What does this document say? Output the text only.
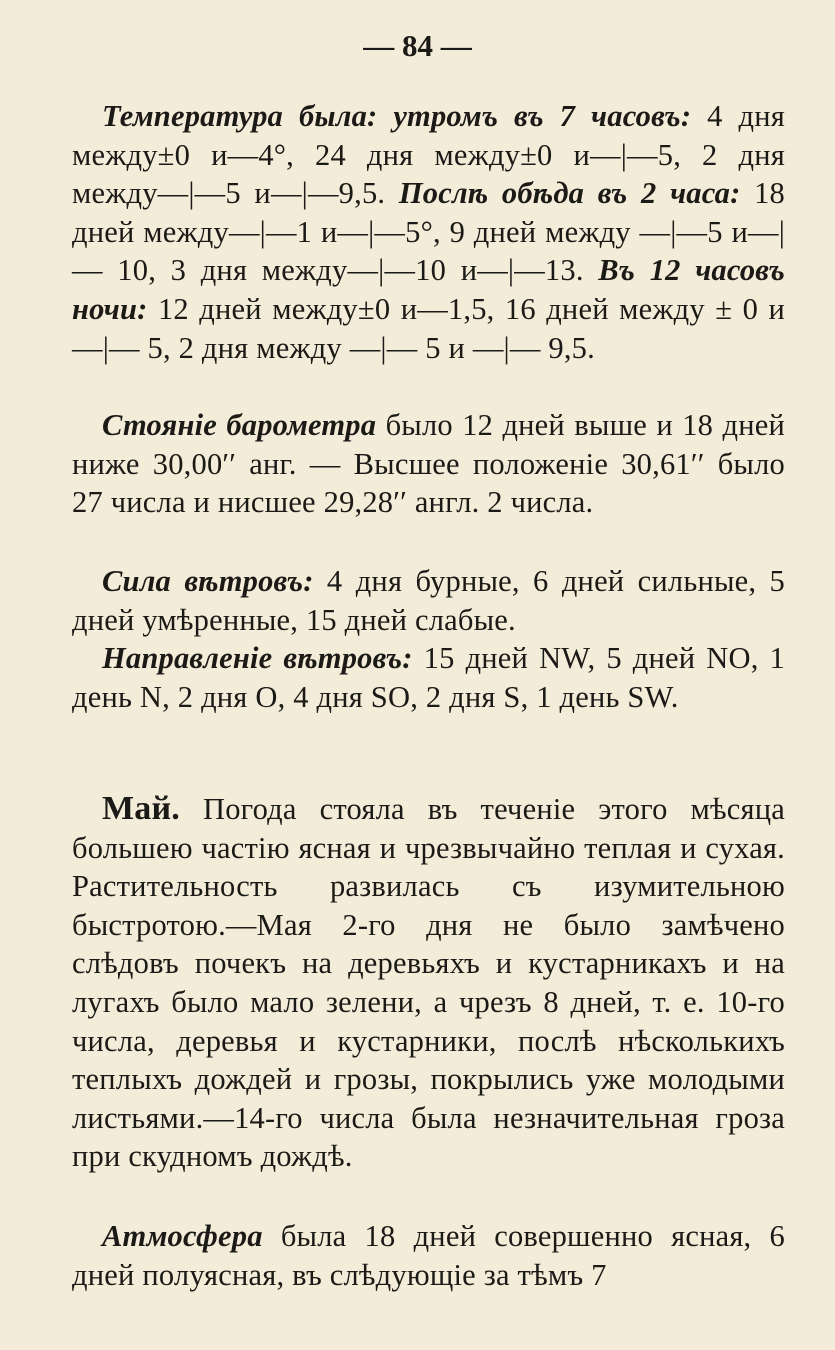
— 84 —

Температура была: утромъ въ 7 часовъ: 4 дня между±0 и—4°, 24 дня между±0 и—|—5, 2 дня между—|—5 и—|—9,5. Послѣ обѣда въ 2 часа: 18 дней между—|—1 и—|—5°, 9 дней между —|—5 и—|— 10, 3 дня между—|—10 и—|—13. Въ 12 часовъ ночи: 12 дней между±0 и—1,5, 16 дней между ± 0 и —|— 5, 2 дня между —|— 5 и —|— 9,5.

Стояніе барометра было 12 дней выше и 18 дней ниже 30,00′′ анг. — Высшее положеніе 30,61′′ было 27 числа и нисшее 29,28′′ англ. 2 числа.

Сила вѣтровъ: 4 дня бурные, 6 дней сильные, 5 дней умѣренные, 15 дней слабые.

Направленіе вѣтровъ: 15 дней NW, 5 дней NO, 1 день N, 2 дня O, 4 дня SO, 2 дня S, 1 день SW.

Май. Погода стояла въ теченіе этого мѣсяца большею частію ясная и чрезвычайно теплая и сухая. Растительность развилась съ изумительною быстротою.—Мая 2-го дня не было замѣчено слѣдовъ почекъ на деревьяхъ и кустарникахъ и на лугахъ было мало зелени, а чрезъ 8 дней, т. е. 10-го числа, деревья и кустарники, послѣ нѣсколькихъ теплыхъ дождей и грозы, покрылись уже молодыми листьями.—14-го числа была незначительная гроза при скудномъ дождѣ.

Атмосфера была 18 дней совершенно ясная, 6 дней полуясная, въ слѣдующіе за тѣмъ 7
